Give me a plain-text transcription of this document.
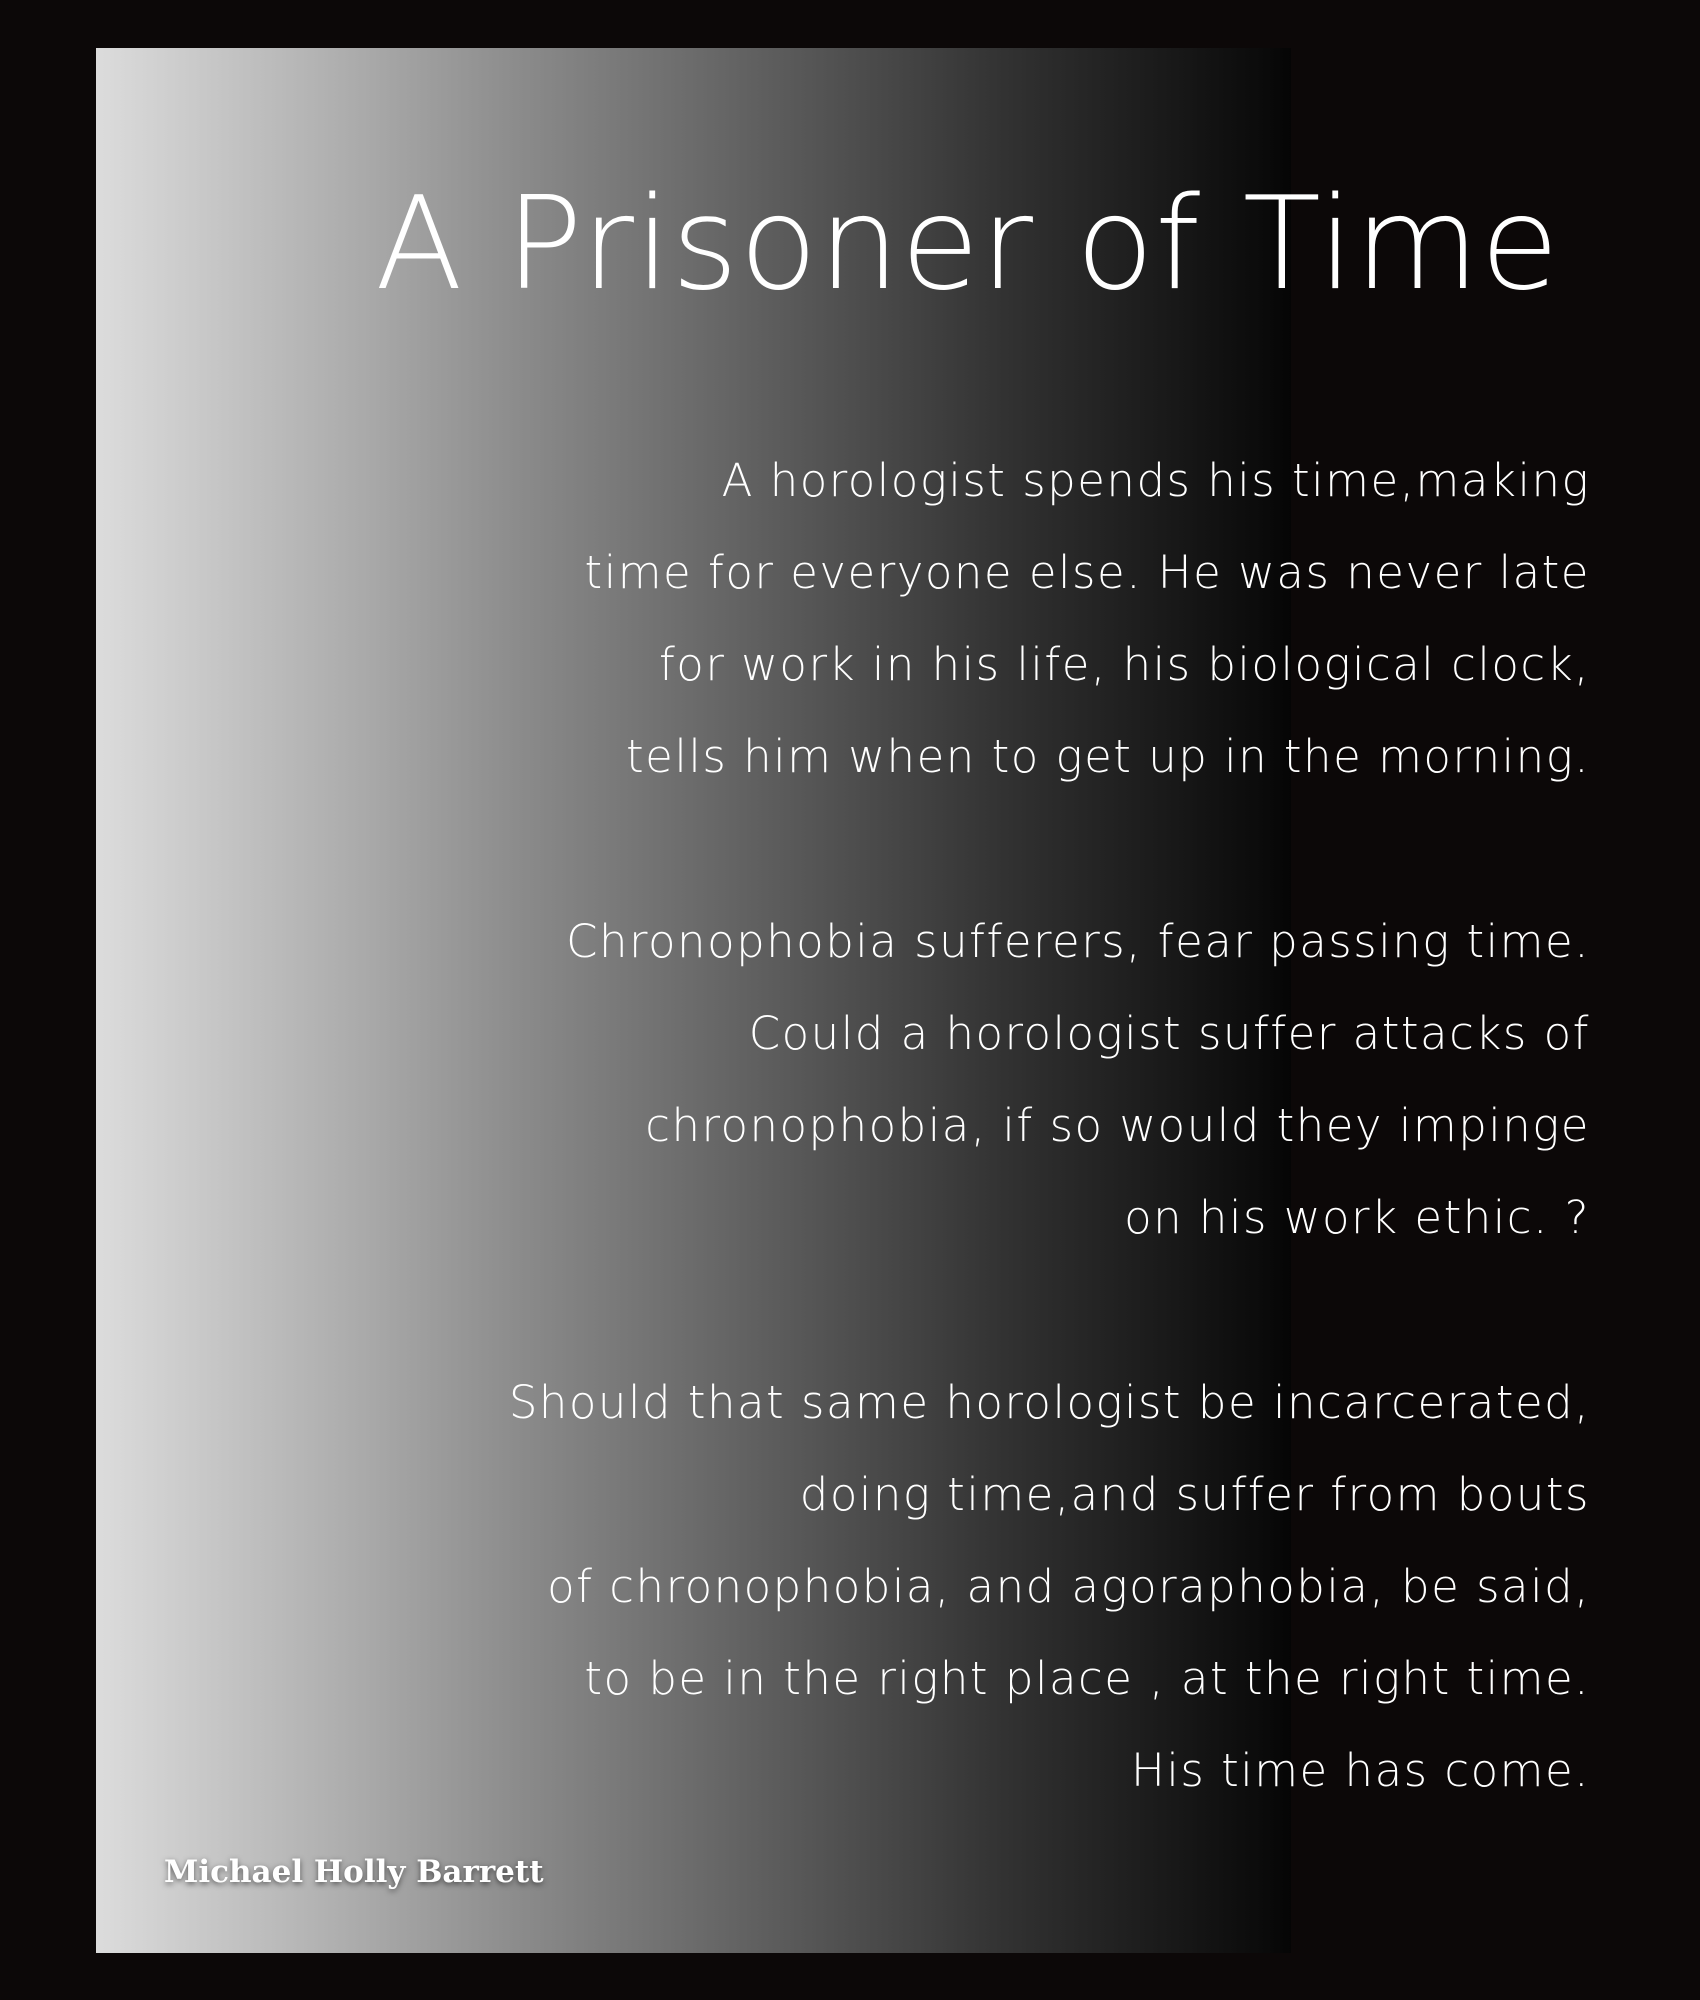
A Prisoner of Time
A horologist spends his time,making
time for everyone else. He was never late
for work in his life, his biological clock,
tells him when to get up in the morning.
Chronophobia sufferers, fear passing time.
Could a horologist suffer attacks of
chronophobia, if so would they impinge
on his work ethic. ?
Should that same horologist be incarcerated,
doing time,and suffer from bouts
of chronophobia, and agoraphobia, be said,
to be in the right place , at the right time.
His time has come.
Michael Holly Barrett
